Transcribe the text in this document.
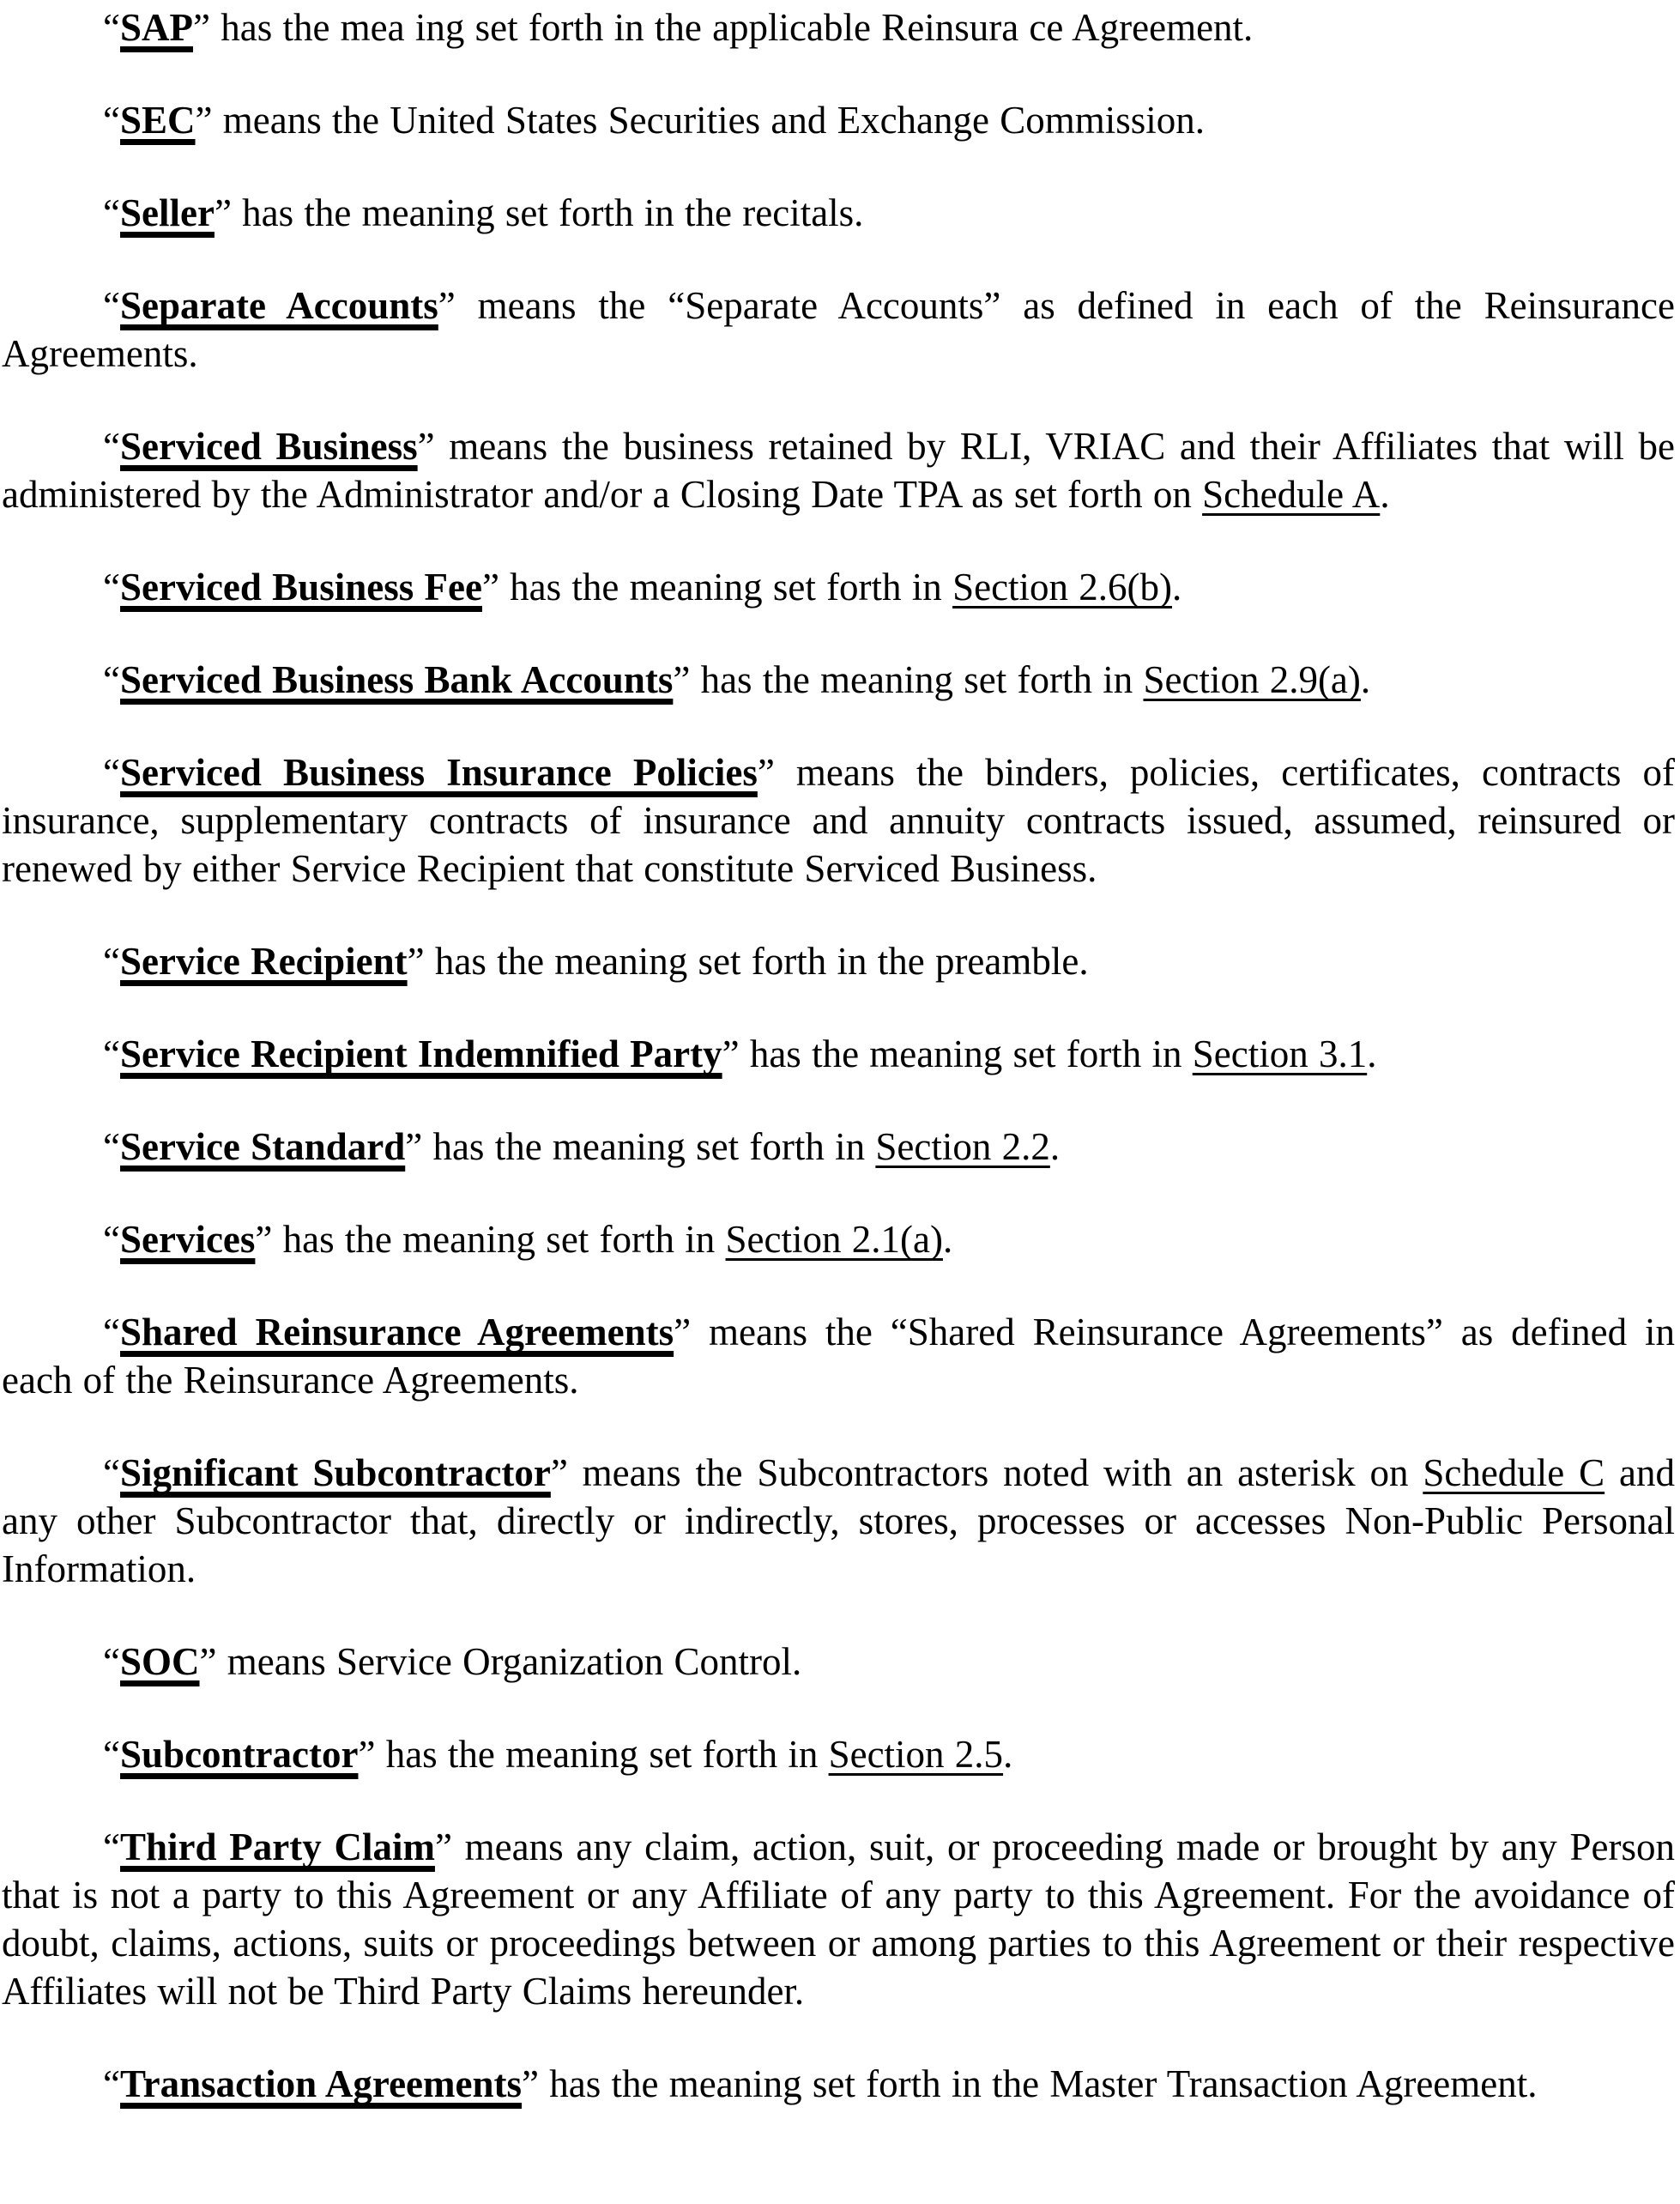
“SAP” has the mea ing set forth in the applicable Reinsura ce Agreement.

“SEC” means the United States Securities and Exchange Commission.

“Seller” has the meaning set forth in the recitals.

“Separate Accounts” means the “Separate Accounts” as defined in each of the Reinsurance Agreements.

“Serviced Business” means the business retained by RLI, VRIAC and their Affiliates that will be administered by the Administrator and/or a Closing Date TPA as set forth on Schedule A.

“Serviced Business Fee” has the meaning set forth in Section 2.6(b).

“Serviced Business Bank Accounts” has the meaning set forth in Section 2.9(a).

“Serviced Business Insurance Policies” means the binders, policies, certificates, contracts of insurance, supplementary contracts of insurance and annuity contracts issued, assumed, reinsured or renewed by either Service Recipient that constitute Serviced Business.

“Service Recipient” has the meaning set forth in the preamble.

“Service Recipient Indemnified Party” has the meaning set forth in Section 3.1.

“Service Standard” has the meaning set forth in Section 2.2.

“Services” has the meaning set forth in Section 2.1(a).

“Shared Reinsurance Agreements” means the “Shared Reinsurance Agreements” as defined in each of the Reinsurance Agreements.

“Significant Subcontractor” means the Subcontractors noted with an asterisk on Schedule C and any other Subcontractor that, directly or indirectly, stores, processes or accesses Non-Public Personal Information.

“SOC” means Service Organization Control.

“Subcontractor” has the meaning set forth in Section 2.5.

“Third Party Claim” means any claim, action, suit, or proceeding made or brought by any Person that is not a party to this Agreement or any Affiliate of any party to this Agreement. For the avoidance of doubt, claims, actions, suits or proceedings between or among parties to this Agreement or their respective Affiliates will not be Third Party Claims hereunder.

“Transaction Agreements” has the meaning set forth in the Master Transaction Agreement.
